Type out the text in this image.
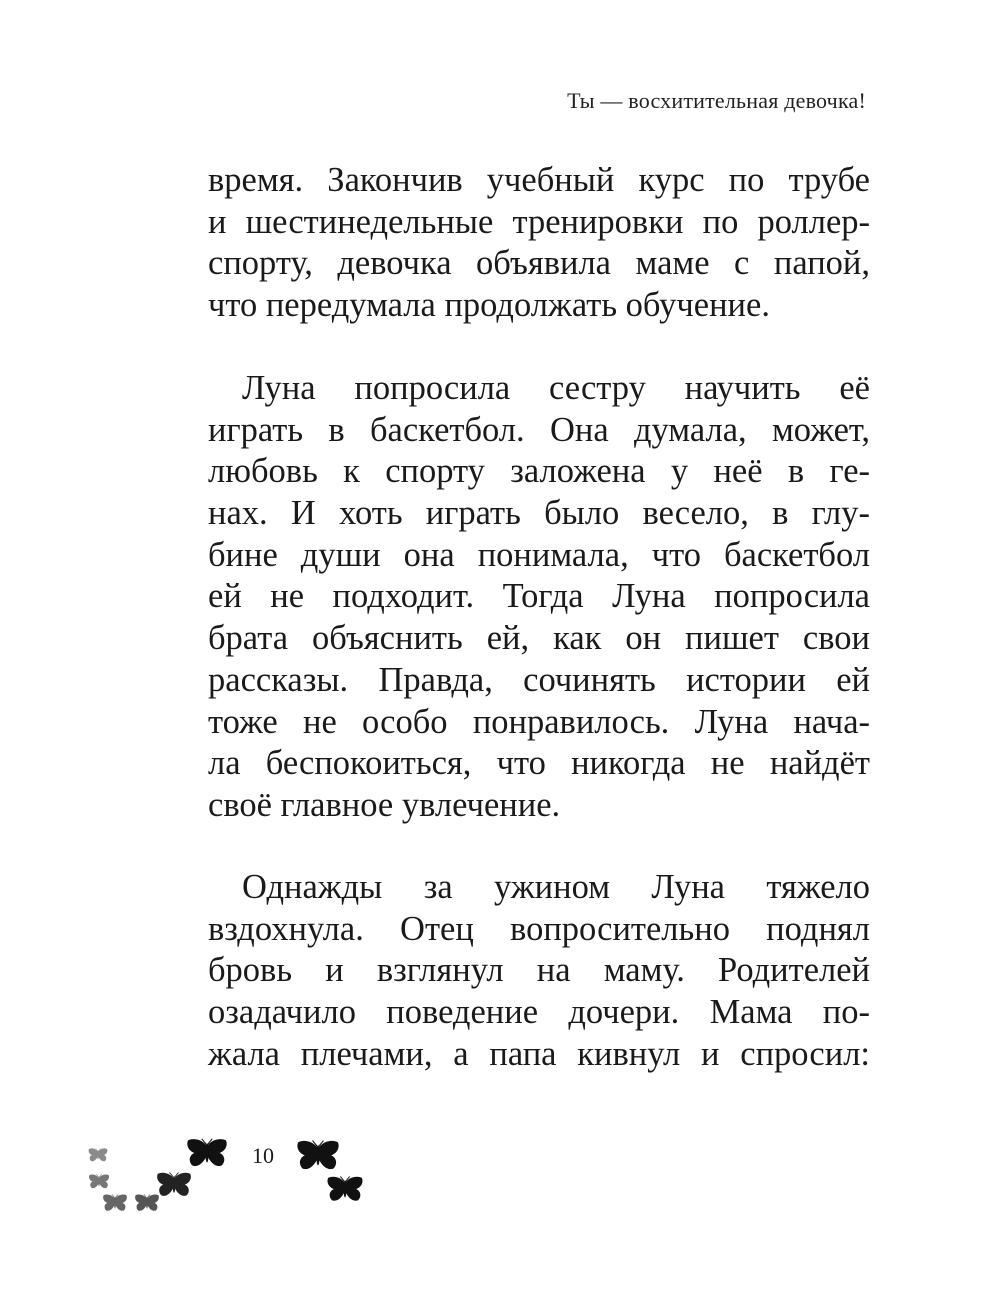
Ты — восхитительная девочка!
время. Закончив учебный курс по трубе
и шестинедельные тренировки по роллер-
спорту, девочка объявила маме с папой,
что передумала продолжать обучение.
Луна попросила сестру научить её
играть в баскетбол. Она думала, может,
любовь к спорту заложена у неё в ге-
нах. И хоть играть было весело, в глу-
бине души она понимала, что баскетбол
ей не подходит. Тогда Луна попросила
брата объяснить ей, как он пишет свои
рассказы. Правда, сочинять истории ей
тоже не особо понравилось. Луна нача-
ла беспокоиться, что никогда не найдёт
своё главное увлечение.
Однажды за ужином Луна тяжело
вздохнула. Отец вопросительно поднял
бровь и взглянул на маму. Родителей
озадачило поведение дочери. Мама по-
жала плечами, а папа кивнул и спросил:
10
